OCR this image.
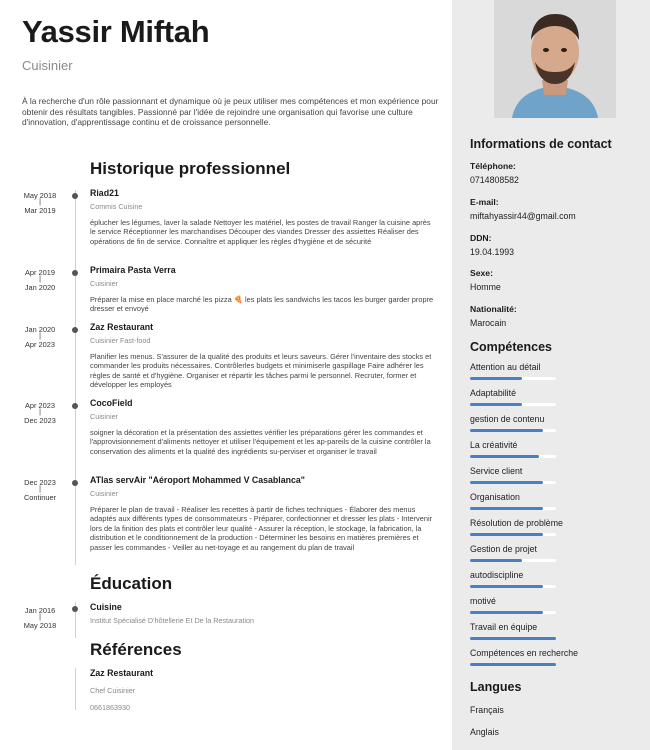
Yassir Miftah
Cuisinier
À la recherche d'un rôle passionnant et dynamique où je peux utiliser mes compétences et mon expérience pour obtenir des résultats tangibles. Passionné par l'idée de rejoindre une organisation qui favorise une culture d'innovation, d'apprentissage continu et de croissance personnelle.
Historique professionnel
May 2018
|
Mar 2019
Riad21
Commis Cuisine
éplucher les légumes, laver la salade Nettoyer les matériel, les postes de travail Ranger la cuisine après le service Réceptionner les marchandises Découper des viandes Dresser des assiettes Réaliser des opérations de fin de service. Connaître et appliquer les règles d'hygiène et de sécurité
Apr 2019
|
Jan 2020
Primaira Pasta Verra
Cuisinier
Préparer la mise en place marché les pizza 🍕 les plats les sandwichs les tacos les burger garder propre dresser et envoyé
Jan 2020
|
Apr 2023
Zaz Restaurant
Cuisinier Fast-food
Planifier les menus. S'assurer de la qualité des produits et leurs saveurs. Gérer l'inventaire des stocks et commander les produits nécessaires. Contrôlerles budgets et minimiserle gaspillage Faire adhérer les règles de santé et d'hygiène. Organiser et répartir les tâches parmi le personnel. Recruter, former et développer les employés
Apr 2023
|
Dec 2023
CocoField
Cuisinier
soigner la décoration et la présentation des assiettes vérifier les préparations gérer les commandes et l'approvisionnement d'aliments nettoyer et utiliser l'équipement et les ap-pareils de la cuisine contrôler la conservation des aliments et la qualité des ingrédients su-perviser et organiser le travail
Dec 2023
|
Continuer
ATlas servAir "Aéroport Mohammed V Casablanca"
Cuisinier
Préparer le plan de travail - Réaliser les recettes à partir de fiches techniques - Élaborer des menus adaptés aux différents types de consommateurs - Préparer, confectionner et dresser les plats - Intervenir lors de la finition des plats et contrôler leur qualité - Assurer la réception, le stockage, la fabrication, la distribution et le conditionnement de la production - Déterminer les besoins en matières premières et passer les commandes - Veiller au net-toyage et au rangement du plan de travail
Éducation
Jan 2016
|
May 2018
Cuisine
Institut Spécialisé D'hôtellerie Et De la Restauration
Références
Zaz Restaurant
Chef Cuisinier
0661863930
Informations de contact
Téléphone:
0714808582
E-mail:
miftahyassir44@gmail.com
DDN:
19.04.1993
Sexe:
Homme
Nationalité:
Marocain
Compétences
Attention au détail
Adaptabilité
gestion de contenu
La créativité
Service client
Organisation
Résolution de problème
Gestion de projet
autodiscipline
motivé
Travail en équipe
Compétences en recherche
Langues
Français
Anglais
